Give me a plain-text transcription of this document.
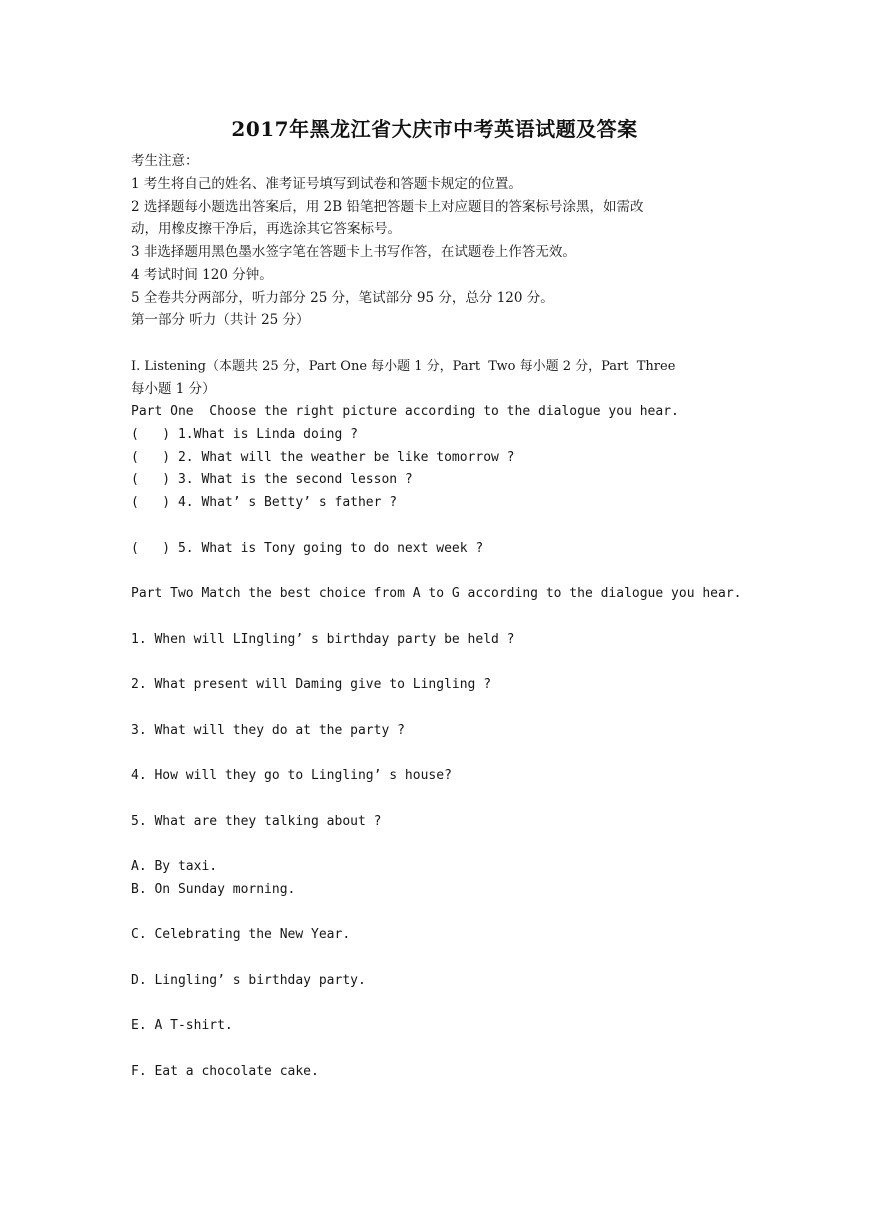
2017年黑龙江省大庆市中考英语试题及答案
考生注意：
1 考生将自己的姓名、准考证号填写到试卷和答题卡规定的位置。
2 选择题每小题选出答案后，用 2B 铅笔把答题卡上对应题目的答案标号涂黑，如需改
动，用橡皮擦干净后，再选涂其它答案标号。
3 非选择题用黑色墨水签字笔在答题卡上书写作答，在试题卷上作答无效。
4 考试时间 120 分钟。
5 全卷共分两部分，听力部分 25 分，笔试部分 95 分，总分 120 分。
第一部分 听力（共计 25 分）
I. Listening（本题共 25 分，Part One 每小题 1 分，Part  Two 每小题 2 分，Part  Three
每小题 1 分）
Part One  Choose the right picture according to the dialogue you hear.
(   ) 1.What is Linda doing ?
(   ) 2. What will the weather be like tomorrow ?
(   ) 3. What is the second lesson ?
(   ) 4. What’ s Betty’ s father ?
(   ) 5. What is Tony going to do next week ?
Part Two Match the best choice from A to G according to the dialogue you hear.
1. When will LIngling’ s birthday party be held ?
2. What present will Daming give to Lingling ?
3. What will they do at the party ?
4. How will they go to Lingling’ s house?
5. What are they talking about ?
A. By taxi.
B. On Sunday morning.
C. Celebrating the New Year.
D. Lingling’ s birthday party.
E. A T-shirt.
F. Eat a chocolate cake.
